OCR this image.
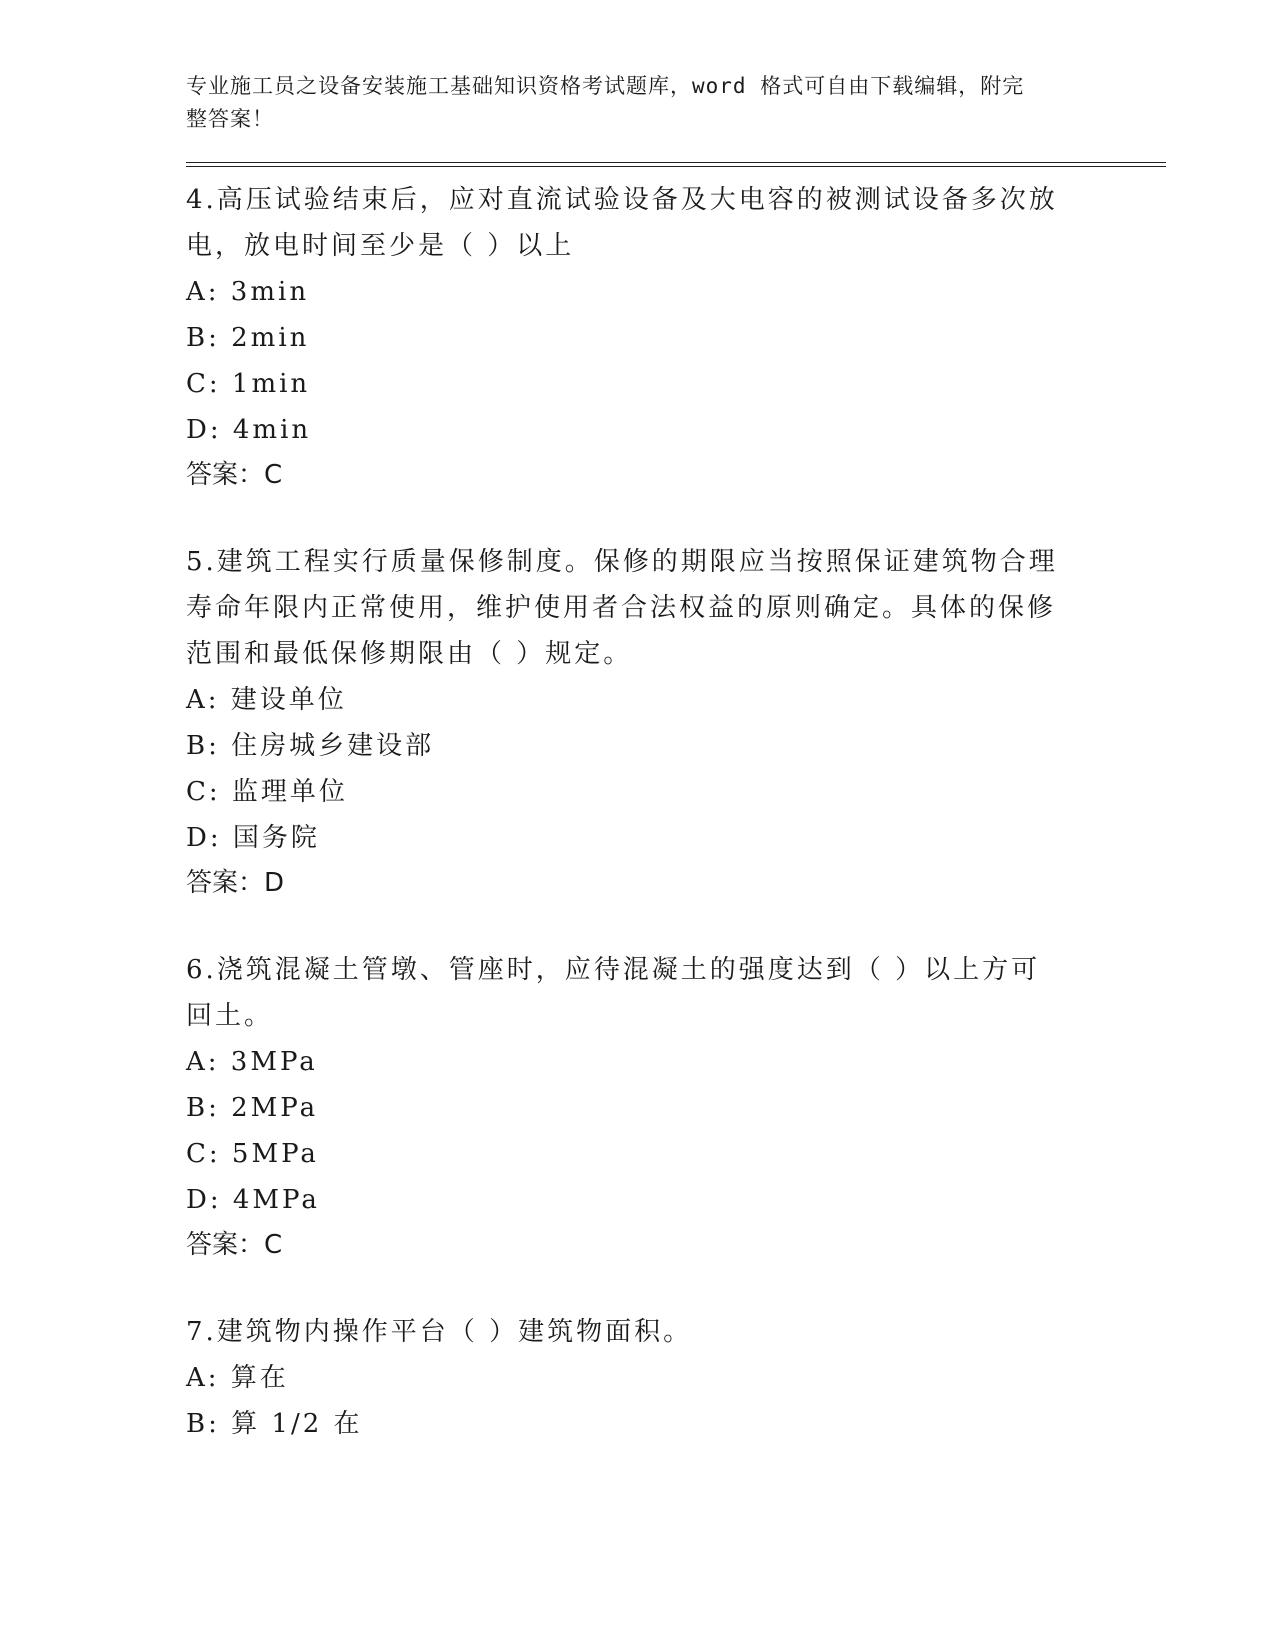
专业施工员之设备安装施工基础知识资格考试题库，word 格式可自由下载编辑，附完整答案！

4.高压试验结束后，应对直流试验设备及大电容的被测试设备多次放电，放电时间至少是（ ）以上

A: 3min

B: 2min

C: 1min

D: 4min

答案：C

5.建筑工程实行质量保修制度。保修的期限应当按照保证建筑物合理寿命年限内正常使用，维护使用者合法权益的原则确定。具体的保修范围和最低保修期限由（ ）规定。

A: 建设单位

B: 住房城乡建设部

C: 监理单位

D: 国务院

答案：D

6.浇筑混凝土管墩、管座时，应待混凝土的强度达到（ ）以上方可回土。

A: 3MPa

B: 2MPa

C: 5MPa

D: 4MPa

答案：C

7.建筑物内操作平台（ ）建筑物面积。

A: 算在

B: 算 1/2 在
